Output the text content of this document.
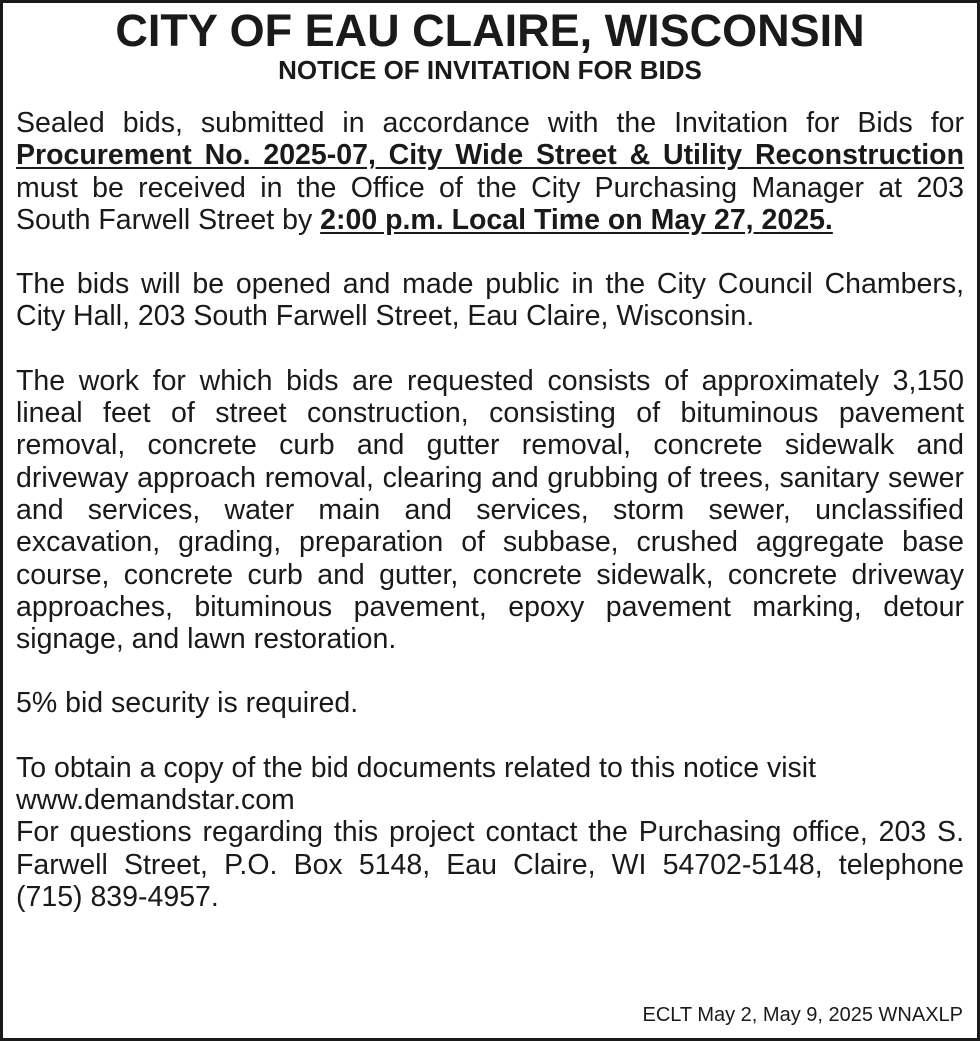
CITY OF EAU CLAIRE, WISCONSIN
NOTICE OF INVITATION FOR BIDS

Sealed bids, submitted in accordance with the Invitation for Bids for Procurement No. 2025-07, City Wide Street & Utility Reconstruction must be received in the Office of the City Purchasing Manager at 203 South Farwell Street by 2:00 p.m. Local Time on May 27, 2025.

The bids will be opened and made public in the City Council Chambers, City Hall, 203 South Farwell Street, Eau Claire, Wisconsin.

The work for which bids are requested consists of approximately 3,150 lineal feet of street construction, consisting of bituminous pavement removal, concrete curb and gutter removal, concrete sidewalk and driveway approach removal, clearing and grubbing of trees, sanitary sewer and services, water main and services, storm sewer, unclassified excavation, grading, preparation of subbase, crushed aggregate base course, concrete curb and gutter, concrete sidewalk, concrete driveway approaches, bituminous pavement, epoxy pavement marking, detour signage, and lawn restoration.

5% bid security is required.

To obtain a copy of the bid documents related to this notice visit
www.demandstar.com

For questions regarding this project contact the Purchasing office, 203 S. Farwell Street, P.O. Box 5148, Eau Claire, WI 54702-5148, telephone (715) 839-4957.

ECLT May 2, May 9, 2025 WNAXLP
